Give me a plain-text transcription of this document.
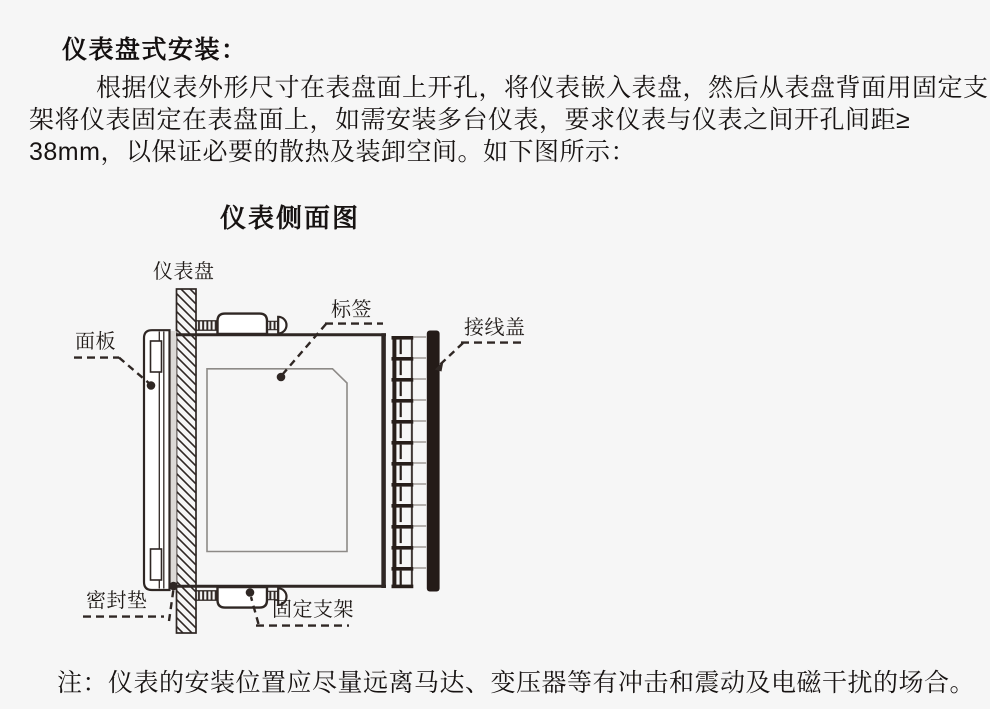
仪表盘式安装：
根据仪表外形尺寸在表盘面上开孔，将仪表嵌入表盘，然后从表盘背面用固定支
架将仪表固定在表盘面上，如需安装多台仪表，要求仪表与仪表之间开孔间距≥
38mm，以保证必要的散热及装卸空间。如下图所示：
仪表侧面图
仪表盘
面板
标签
接线盖
密封垫	固定支架
注：仪表的安装位置应尽量远离马达、变压器等有冲击和震动及电磁干扰的场合。
